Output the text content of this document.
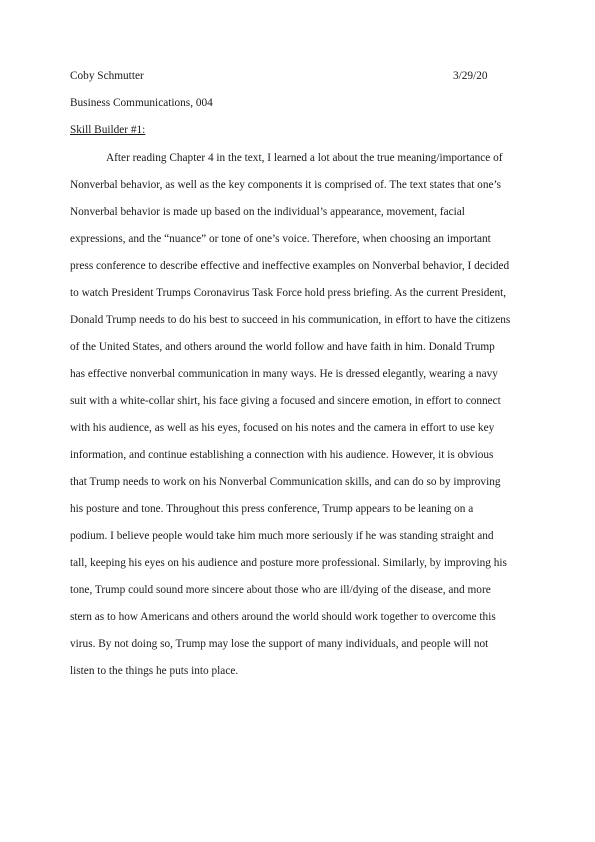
Coby Schmutter	3/29/20
Business Communications, 004
Skill Builder #1:
After reading Chapter 4 in the text, I learned a lot about the true meaning/importance of
Nonverbal behavior, as well as the key components it is comprised of. The text states that one’s
Nonverbal behavior is made up based on the individual’s appearance, movement, facial
expressions, and the “nuance” or tone of one’s voice. Therefore, when choosing an important
press conference to describe effective and ineffective examples on Nonverbal behavior, I decided
to watch President Trumps Coronavirus Task Force hold press briefing. As the current President,
Donald Trump needs to do his best to succeed in his communication, in effort to have the citizens
of the United States, and others around the world follow and have faith in him. Donald Trump
has effective nonverbal communication in many ways. He is dressed elegantly, wearing a navy
suit with a white-collar shirt, his face giving a focused and sincere emotion, in effort to connect
with his audience, as well as his eyes, focused on his notes and the camera in effort to use key
information, and continue establishing a connection with his audience. However, it is obvious
that Trump needs to work on his Nonverbal Communication skills, and can do so by improving
his posture and tone. Throughout this press conference, Trump appears to be leaning on a
podium. I believe people would take him much more seriously if he was standing straight and
tall, keeping his eyes on his audience and posture more professional. Similarly, by improving his
tone, Trump could sound more sincere about those who are ill/dying of the disease, and more
stern as to how Americans and others around the world should work together to overcome this
virus. By not doing so, Trump may lose the support of many individuals, and people will not
listen to the things he puts into place.
